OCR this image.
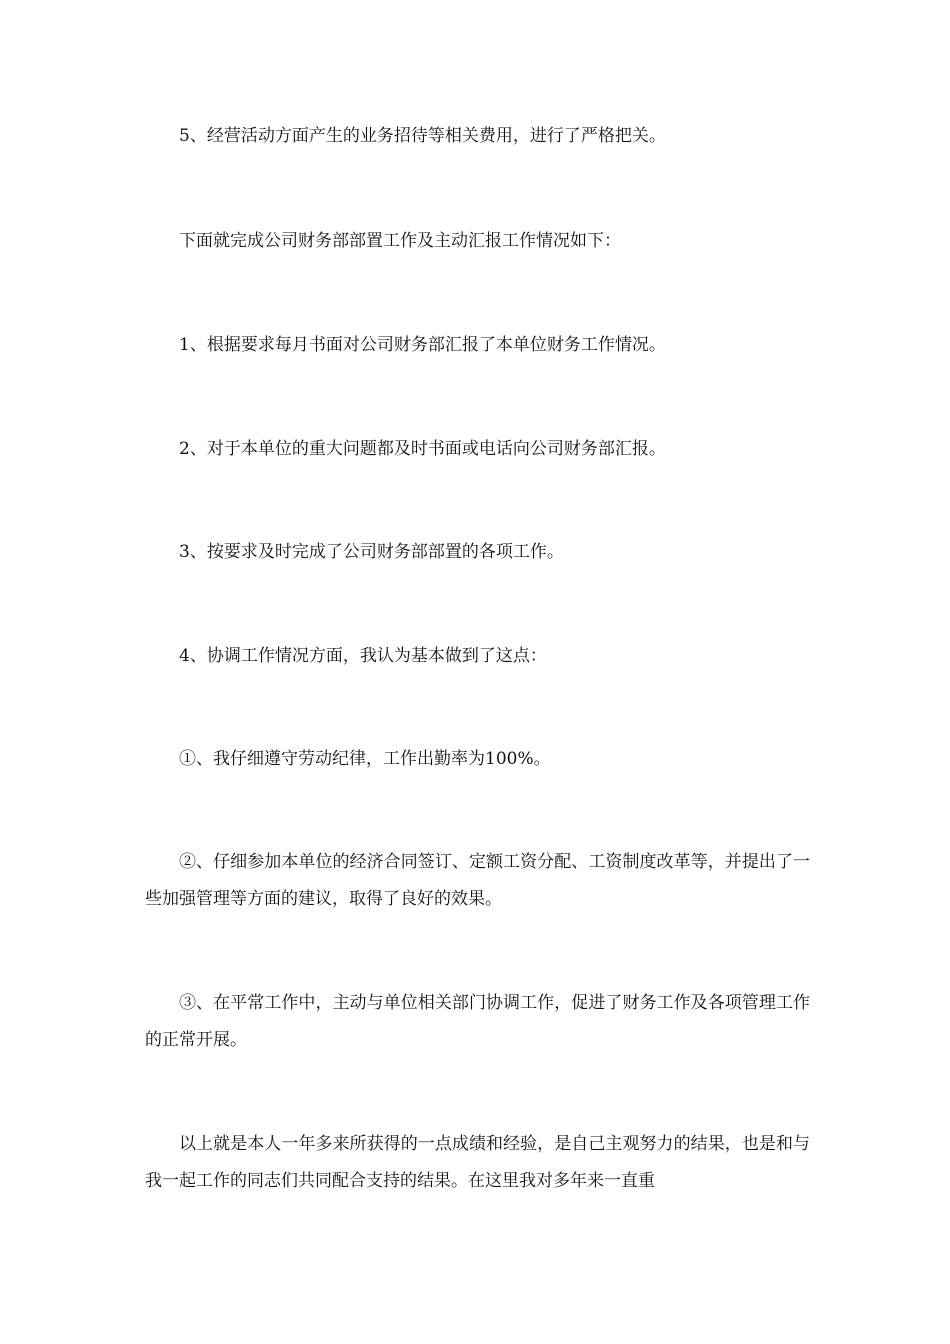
5、经营活动方面产生的业务招待等相关费用，进行了严格把关。

下面就完成公司财务部部置工作及主动汇报工作情况如下：

1、根据要求每月书面对公司财务部汇报了本单位财务工作情况。

2、对于本单位的重大问题都及时书面或电话向公司财务部汇报。

3、按要求及时完成了公司财务部部置的各项工作。

4、协调工作情况方面，我认为基本做到了这点：

①、我仔细遵守劳动纪律，工作出勤率为100%。

②、仔细参加本单位的经济合同签订、定额工资分配、工资制度改革等，并提出了一些加强管理等方面的建议，取得了良好的效果。

③、在平常工作中，主动与单位相关部门协调工作，促进了财务工作及各项管理工作的正常开展。

以上就是本人一年多来所获得的一点成绩和经验，是自己主观努力的结果，也是和与我一起工作的同志们共同配合支持的结果。在这里我对多年来一直重
